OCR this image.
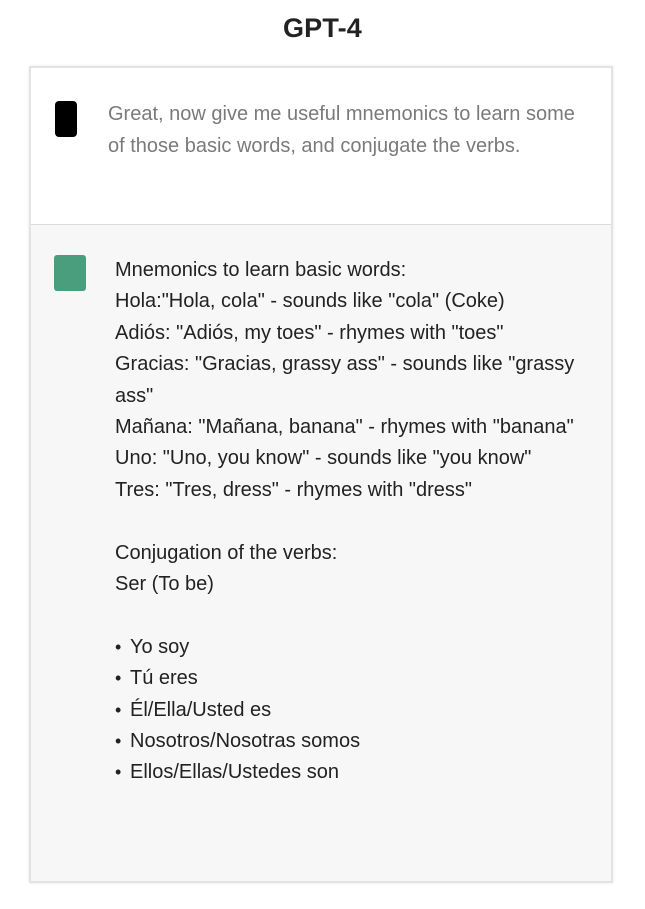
GPT-4
Great, now give me useful mnemonics to learn some of those basic words, and conjugate the verbs.
Mnemonics to learn basic words:
Hola:"Hola, cola" - sounds like "cola" (Coke)
Adiós: "Adiós, my toes" - rhymes with "toes"
Gracias: "Gracias, grassy ass" - sounds like "grassy ass"
Mañana: "Mañana, banana" - rhymes with "banana"
Uno: "Uno, you know" - sounds like "you know"
Tres: "Tres, dress" - rhymes with "dress"
Conjugation of the verbs:
Ser (To be)
• Yo soy
• Tú eres
• Él/Ella/Usted es
• Nosotros/Nosotras somos
• Ellos/Ellas/Ustedes son
